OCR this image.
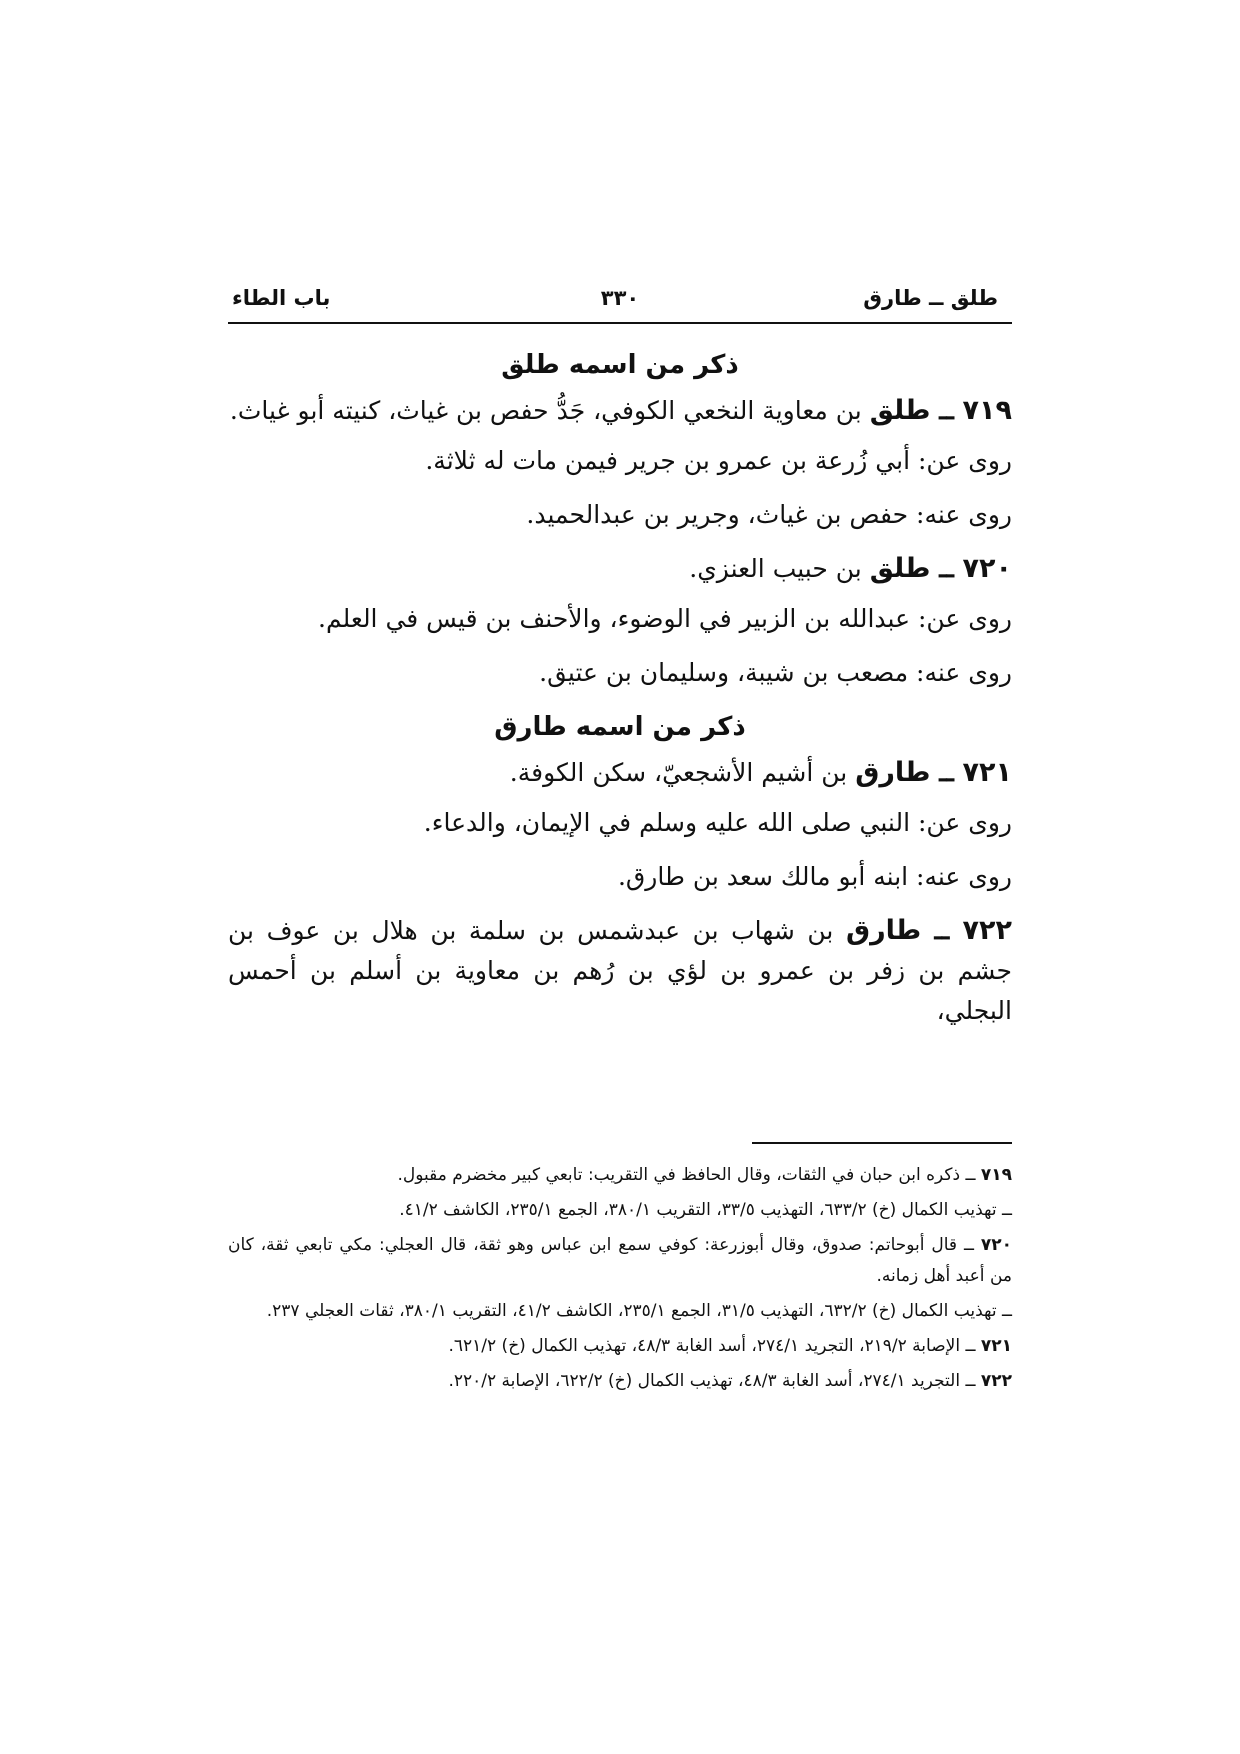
طلق ــ طارق
٣٣٠
باب الطاء
ذكر من اسمه طلق
٧١٩ ــ طلق بن معاوية النخعي الكوفي، جَدُّ حفص بن غياث، كنيته أبو غياث.
روى عن: أبي زُرعة بن عمرو بن جرير فيمن مات له ثلاثة.
روى عنه: حفص بن غياث، وجرير بن عبدالحميد.
٧٢٠ ــ طلق بن حبيب العنزي.
روى عن: عبدالله بن الزبير في الوضوء، والأحنف بن قيس في العلم.
روى عنه: مصعب بن شيبة، وسليمان بن عتيق.
ذكر من اسمه طارق
٧٢١ ــ طارق بن أشيم الأشجعيّ، سكن الكوفة.
روى عن: النبي صلى الله عليه وسلم في الإيمان، والدعاء.
روى عنه: ابنه أبو مالك سعد بن طارق.
٧٢٢ ــ طارق بن شهاب بن عبدشمس بن سلمة بن هلال بن عوف بن جشم بن زفر بن عمرو بن لؤي بن رُهم بن معاوية بن أسلم بن أحمس البجلي،
٧١٩ ــ ذكره ابن حبان في الثقات، وقال الحافظ في التقريب: تابعي كبير مخضرم مقبول.
ــ تهذيب الكمال (خ) ٦٣٣/٢، التهذيب ٣٣/٥، التقريب ٣٨٠/١، الجمع ٢٣٥/١، الكاشف ٤١/٢.
٧٢٠ ــ قال أبوحاتم: صدوق، وقال أبوزرعة: كوفي سمع ابن عباس وهو ثقة، قال العجلي: مكي تابعي ثقة، كان من أعبد أهل زمانه.
ــ تهذيب الكمال (خ) ٦٣٢/٢، التهذيب ٣١/٥، الجمع ٢٣٥/١، الكاشف ٤١/٢، التقريب ٣٨٠/١، ثقات العجلي ٢٣٧.
٧٢١ ــ الإصابة ٢١٩/٢، التجريد ٢٧٤/١، أسد الغابة ٤٨/٣، تهذيب الكمال (خ) ٦٢١/٢.
٧٢٢ ــ التجريد ٢٧٤/١، أسد الغابة ٤٨/٣، تهذيب الكمال (خ) ٦٢٢/٢، الإصابة ٢٢٠/٢.
